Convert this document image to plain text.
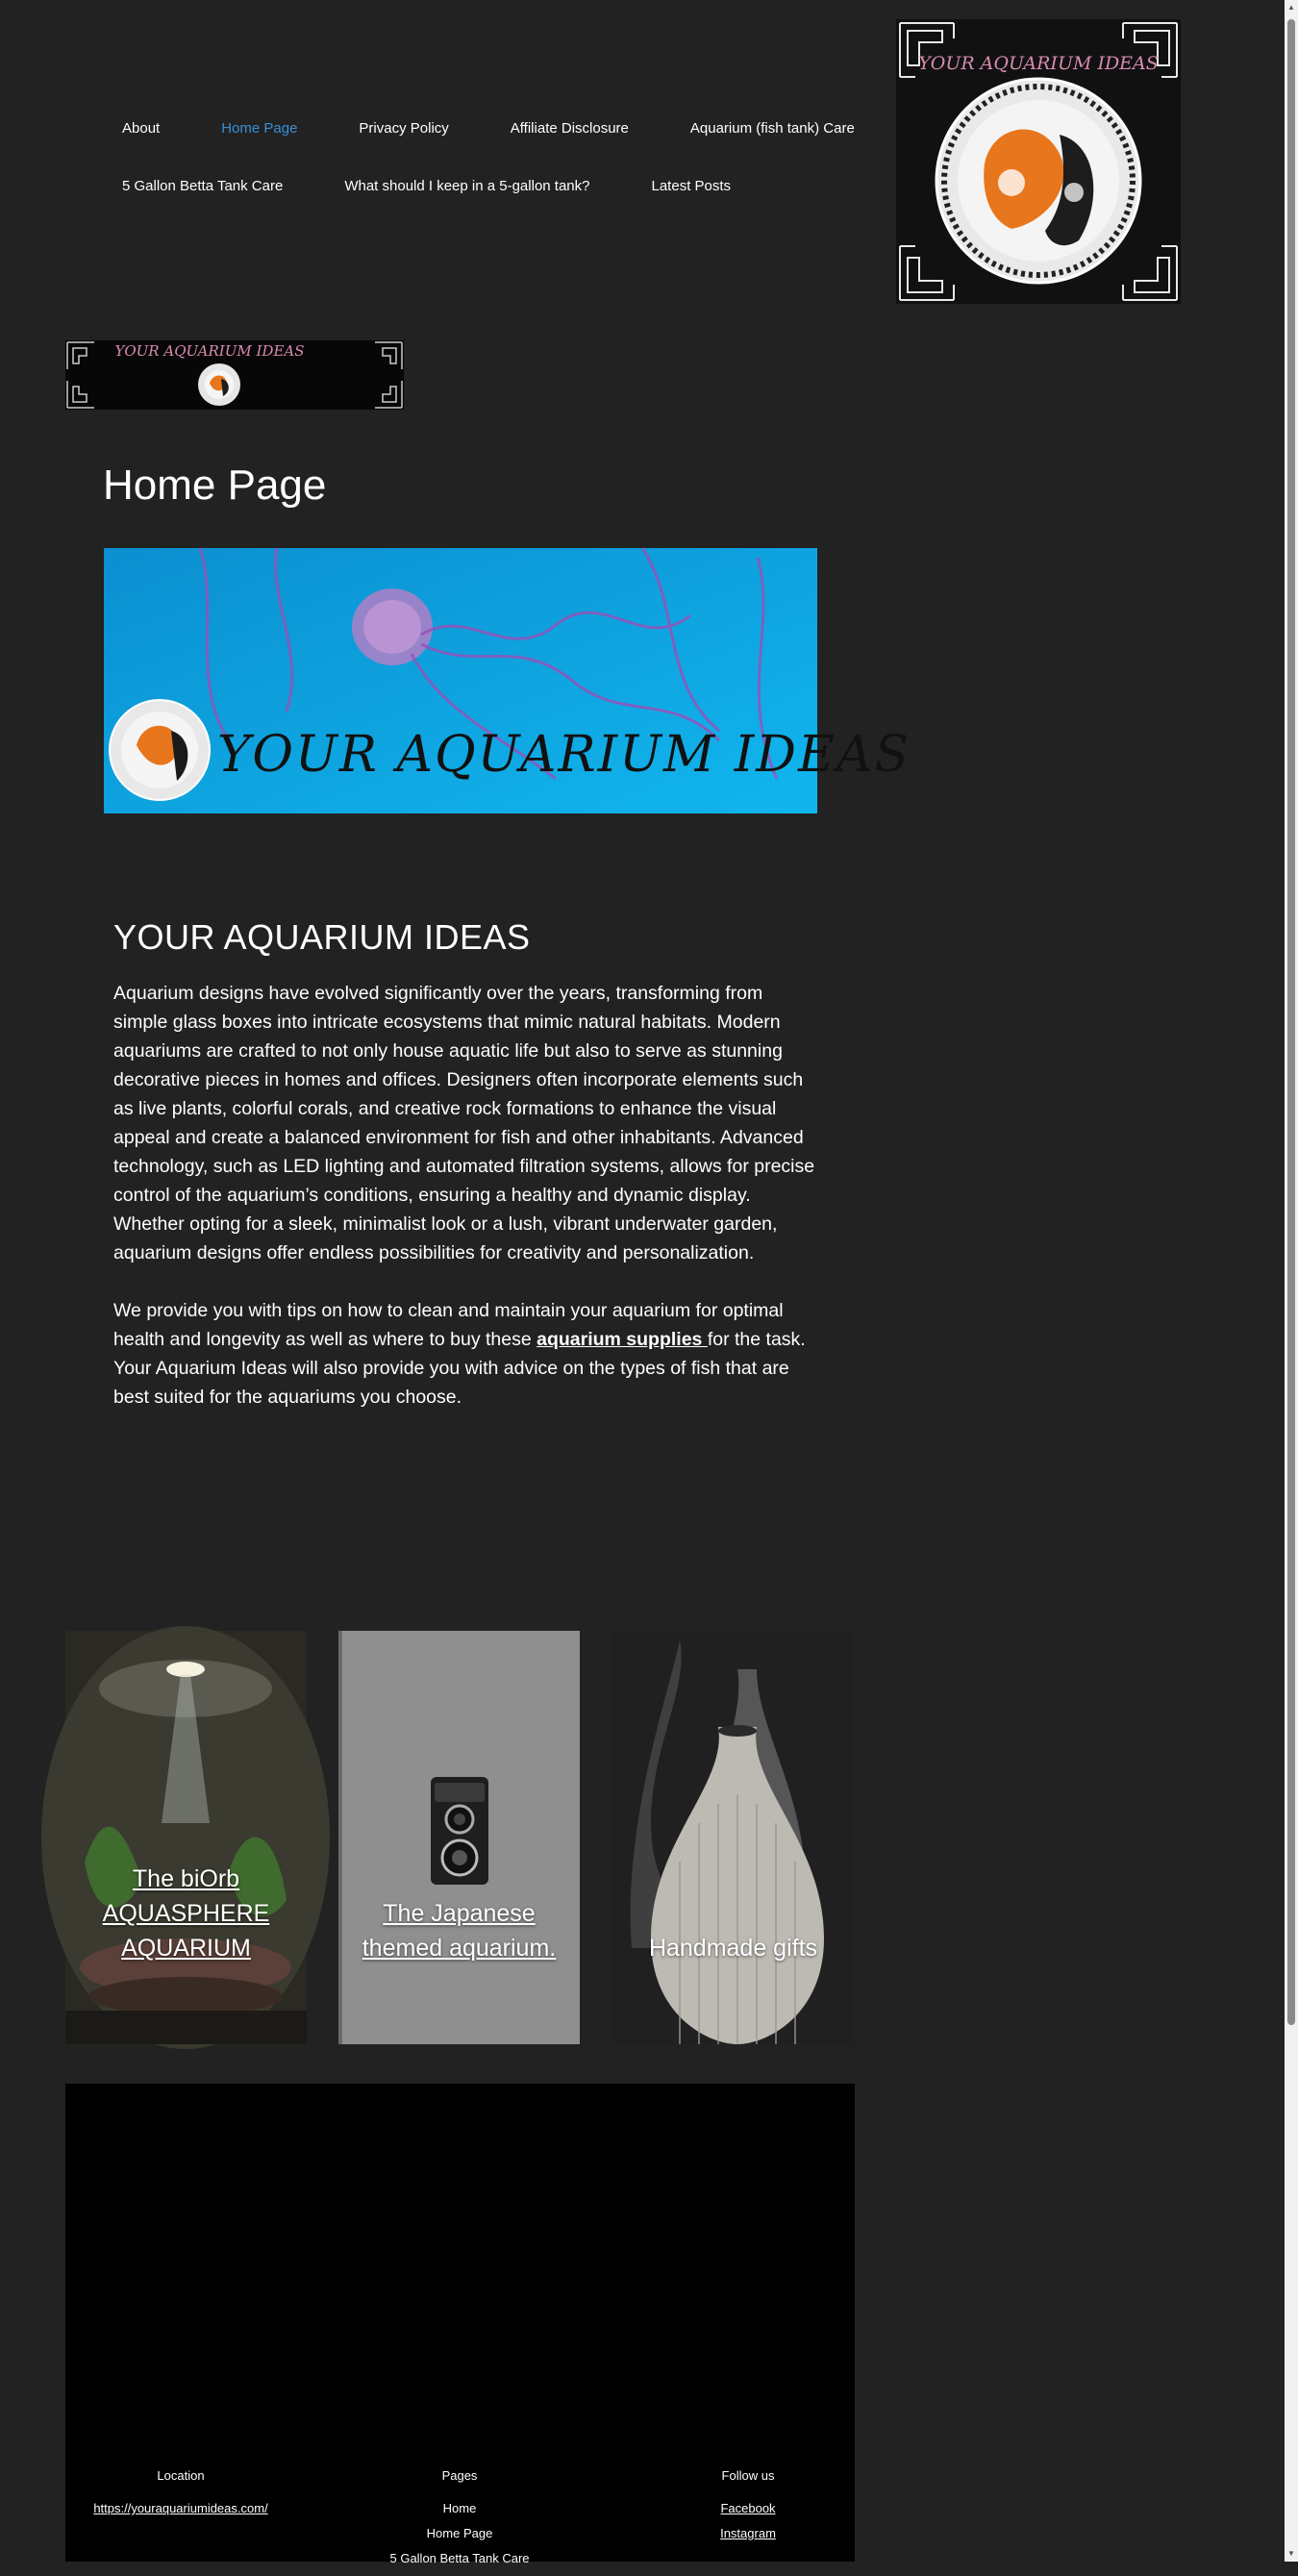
About	Home Page	Privacy Policy	Affiliate Disclosure	Aquarium (fish tank) Care
5 Gallon Betta Tank Care	What should I keep in a 5-gallon tank?	Latest Posts
YOUR AQUARIUM IDEAS
YOUR AQUARIUM IDEAS
Home Page
YOUR AQUARIUM IDEAS
YOUR AQUARIUM IDEAS

Aquarium designs have evolved significantly over the years, transforming from simple glass boxes into intricate ecosystems that mimic natural habitats. Modern aquariums are crafted to not only house aquatic life but also to serve as stunning decorative pieces in homes and offices. Designers often incorporate elements such as live plants, colorful corals, and creative rock formations to enhance the visual appeal and create a balanced environment for fish and other inhabitants. Advanced technology, such as LED lighting and automated filtration systems, allows for precise control of the aquarium’s conditions, ensuring a healthy and dynamic display. Whether opting for a sleek, minimalist look or a lush, vibrant underwater garden, aquarium designs offer endless possibilities for creativity and personalization.

We provide you with tips on how to clean and maintain your aquarium for optimal health and longevity as well as where to buy these aquarium supplies for the task. Your Aquarium Ideas will also provide you with advice on the types of fish that are best suited for the aquariums you choose.

The biOrb AQUASPHERE AQUARIUM
The Japanese themed aquarium.	Handmade gifts
Location
https://youraquariumideas.com/
Pages
Home
Home Page
5 Gallon Betta Tank Care
Follow us
Facebook
Instagram
▲
▼
